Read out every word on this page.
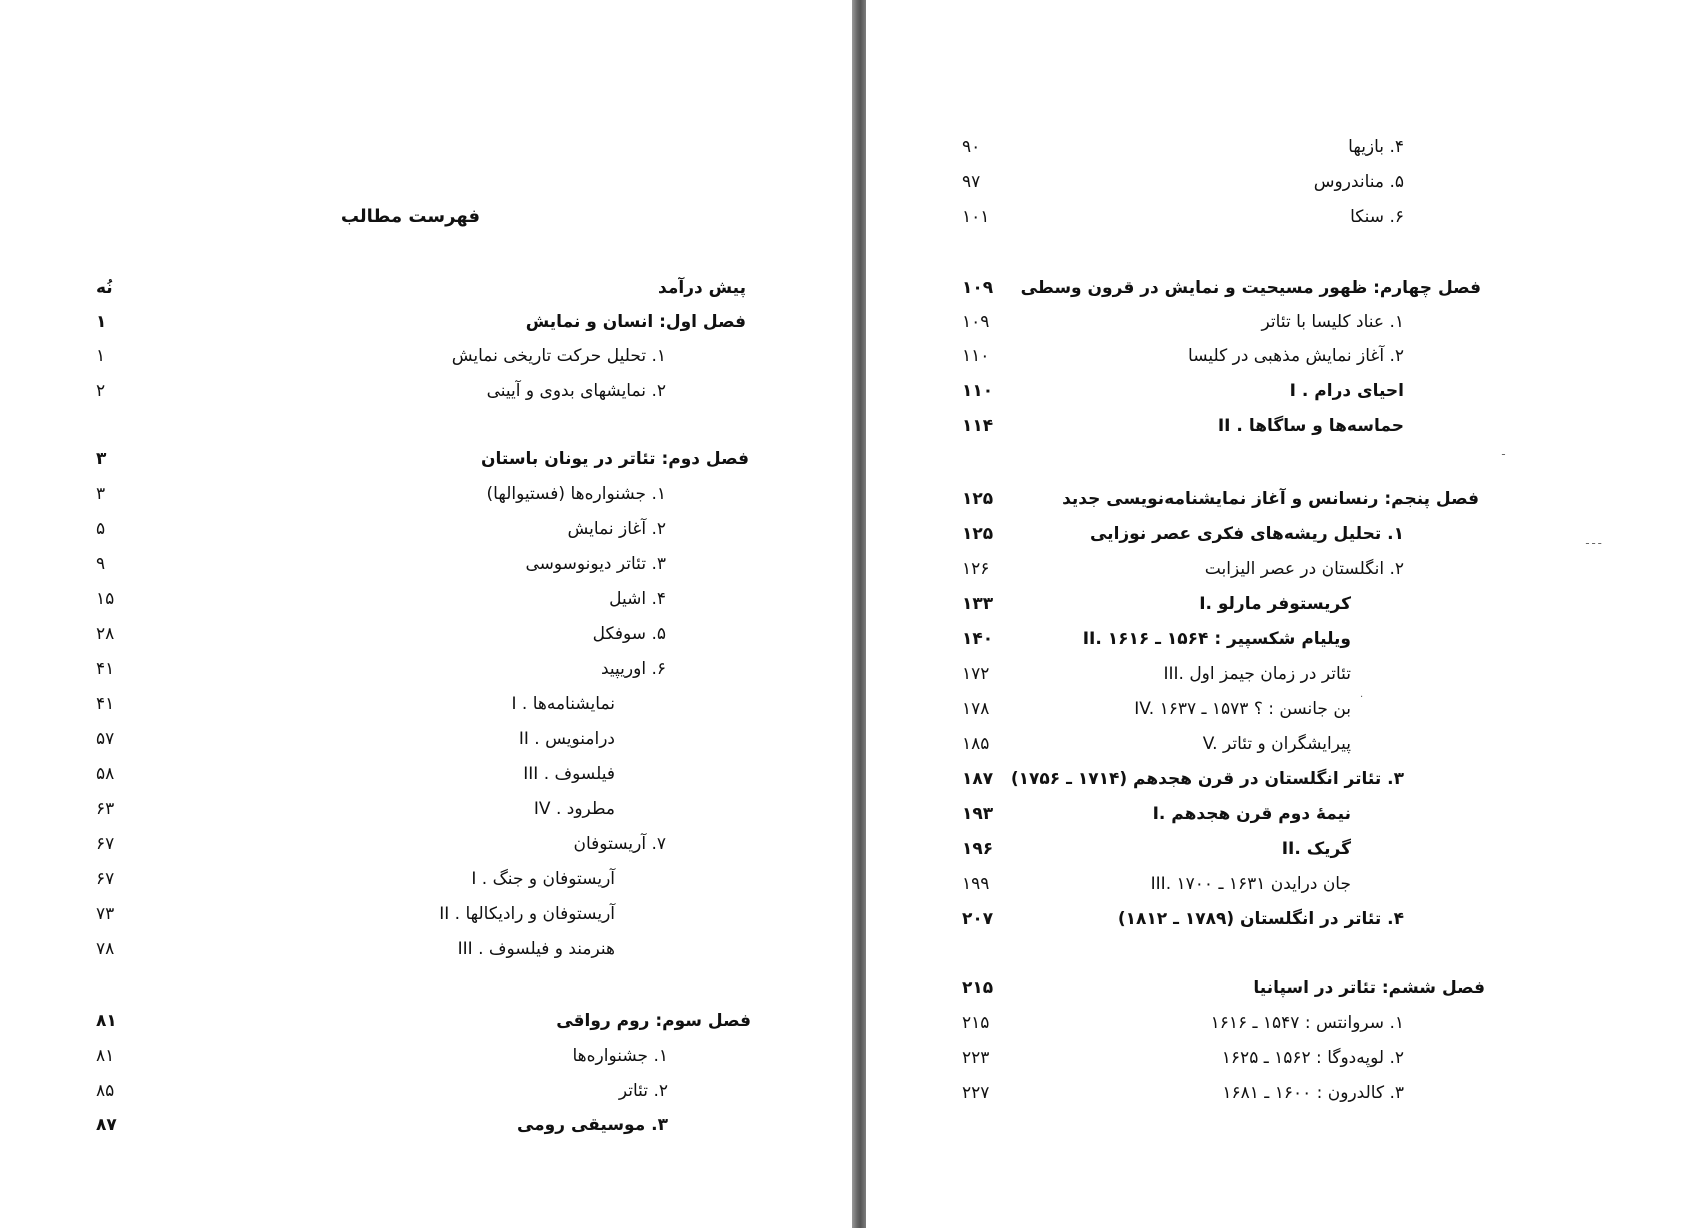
فهرست مطالب
پیش درآمد
نُه
فصل اول: انسان و نمایش
۱
۱. تحلیل حرکت تاریخی نمایش
۱
۲. نمایشهای بدوی و آیینی
۲
فصل دوم: تئاتر در یونان باستان
۳
۱. جشنواره‌ها (فستیوالها)
۳
۲. آغاز نمایش
۵
۳. تئاتر دیونوسوسی
۹
۴. اشیل
۱۵
۵. سوفکل
۲۸
۶. اوریپید
۴۱
I . نمایشنامه‌ها
۴۱
II . درامنویس
۵۷
III . فیلسوف
۵۸
IV . مطرود
۶۳
۷. آریستوفان
۶۷
I . آریستوفان و جنگ
۶۷
II . آریستوفان و رادیکالها
۷۳
III . هنرمند و فیلسوف
۷۸
فصل سوم: روم رواقی
۸۱
۱. جشنواره‌ها
۸۱
۲. تئاتر
۸۵
۳. موسیقی رومی
۸۷
۴. بازیها
۹۰
۵. مناندروس
۹۷
۶. سنکا
۱۰۱
فصل چهارم: ظهور مسیحیت و نمایش در قرون وسطی
۱۰۹
۱. عناد کلیسا با تئاتر
۱۰۹
۲. آغاز نمایش مذهبی در کلیسا
۱۱۰
I . احیای درام
۱۱۰
II . حماسه‌ها و ساگاها
۱۱۴
ـ
فصل پنجم: رنسانس و آغاز نمایشنامه‌نویسی جدید
۱۲۵
۱. تحلیل ریشه‌های فکری عصر نوزایی
۱۲۵	ـ ـ ـ
۲. انگلستان در عصر الیزابت
۱۲۶
I. کریستوفر مارلو
۱۳۳
II. ویلیام شکسپیر : ۱۵۶۴ ـ ۱۶۱۶
۱۴۰
III. تئاتر در زمان جیمز اول
۱۷۲
IV. بن جانسن : ؟ ۱۵۷۳ ـ ۱۶۳۷
۱۷۸
·
V. پیرایشگران و تئاتر
۱۸۵
۳. تئاتر انگلستان در قرن هجدهم (۱۷۱۴ ـ ۱۷۵۶)
۱۸۷
I. نیمهٔ دوم قرن هجدهم
۱۹۳
II. گریک
۱۹۶
III. جان درایدن ۱۶۳۱ ـ ۱۷۰۰
۱۹۹
۴. تئاتر در انگلستان (۱۷۸۹ ـ ۱۸۱۲)
۲۰۷
فصل ششم: تئاتر در اسپانیا
۲۱۵
۱. سروانتس : ۱۵۴۷ ـ ۱۶۱۶
۲۱۵
۲. لوپه‌دوگا : ۱۵۶۲ ـ ۱۶۲۵
۲۲۳
۳. کالدرون : ۱۶۰۰ ـ ۱۶۸۱
۲۲۷
